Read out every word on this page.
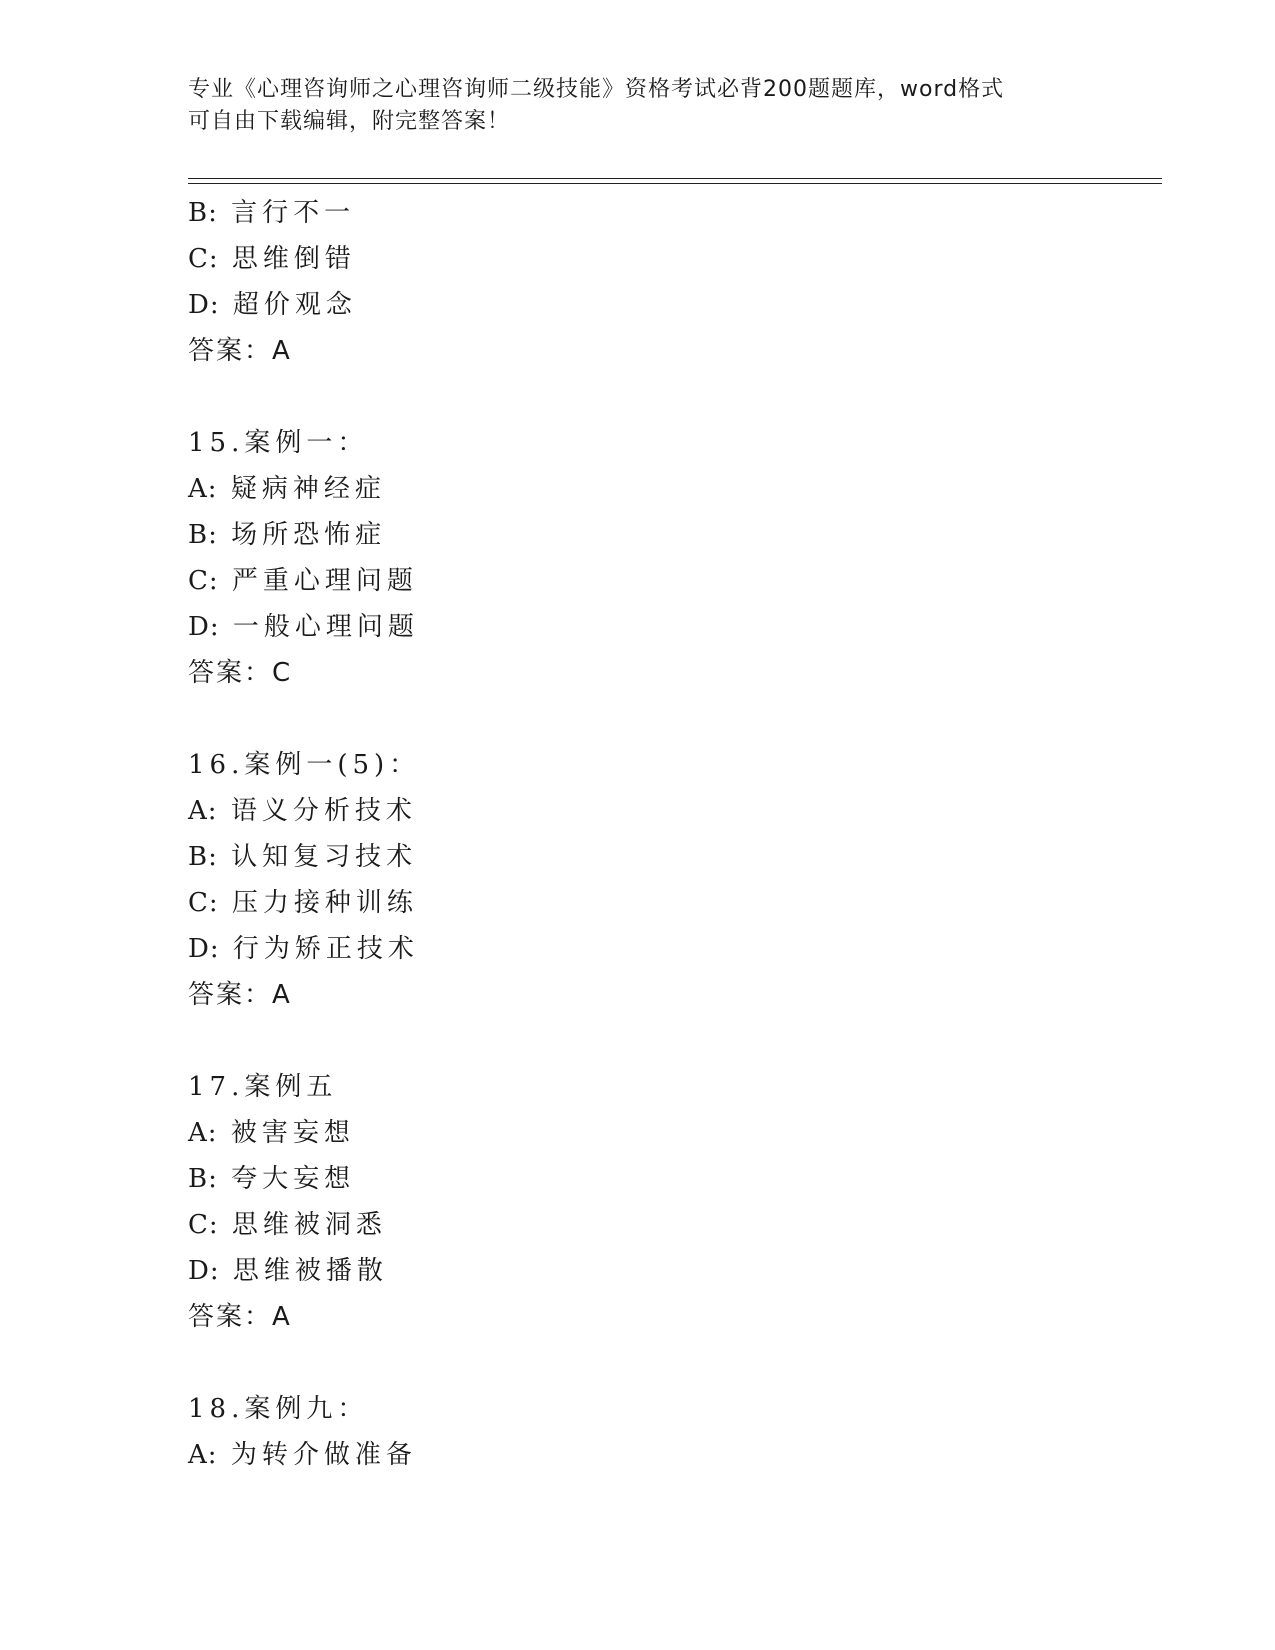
专业《心理咨询师之心理咨询师二级技能》资格考试必背200题题库，word格式
可自由下载编辑，附完整答案！
B: 言行不一
C: 思维倒错
D: 超价观念
答案：A
15.案例一：
A: 疑病神经症
B: 场所恐怖症
C: 严重心理问题
D: 一般心理问题
答案：C
16.案例一(5)：
A: 语义分析技术
B: 认知复习技术
C: 压力接种训练
D: 行为矫正技术
答案：A
17.案例五
A: 被害妄想
B: 夸大妄想
C: 思维被洞悉
D: 思维被播散
答案：A
18.案例九：
A: 为转介做准备
